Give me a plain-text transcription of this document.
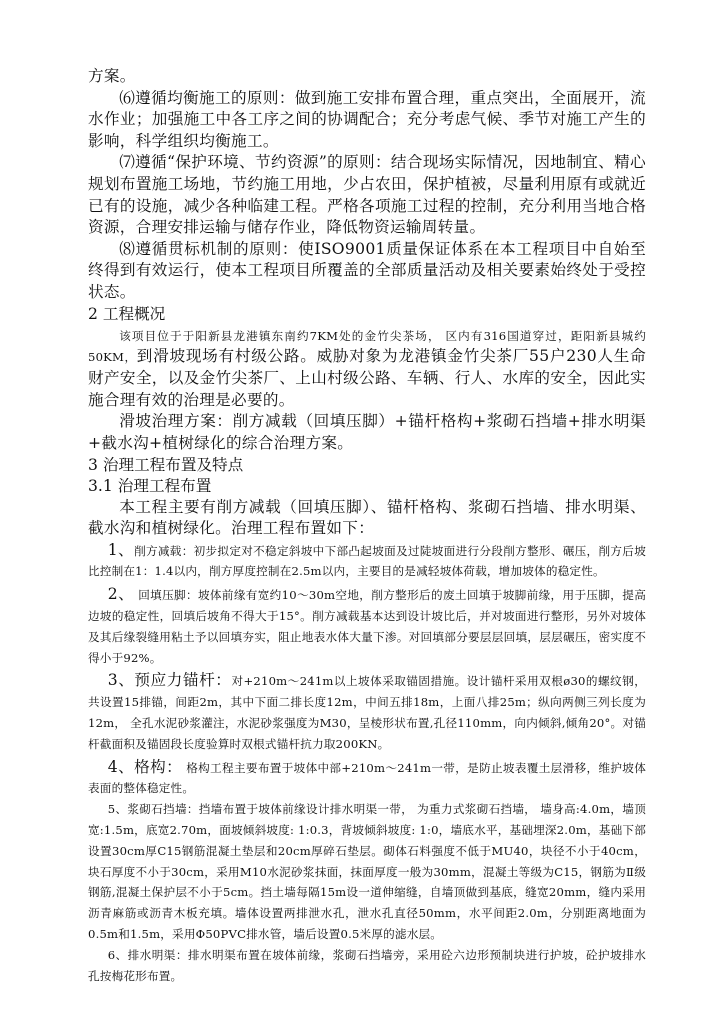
方案。

⑹遵循均衡施工的原则：做到施工安排布置合理，重点突出，全面展开，流水作业；加强施工中各工序之间的协调配合；充分考虑气候、季节对施工产生的影响，科学组织均衡施工。

⑺遵循“保护环境、节约资源”的原则：结合现场实际情况，因地制宜、精心规划布置施工场地，节约施工用地，少占农田，保护植被，尽量利用原有或就近已有的设施，减少各种临建工程。严格各项施工过程的控制，充分利用当地合格资源，合理安排运输与储存作业，降低物资运输周转量。

⑻遵循贯标机制的原则：使ISO9001质量保证体系在本工程项目中自始至终得到有效运行，使本工程项目所覆盖的全部质量活动及相关要素始终处于受控状态。

2 工程概况

该项目位于于阳新县龙港镇东南约7KM处的金竹尖茶场， 区内有316国道穿过，距阳新县城约50KM，到滑坡现场有村级公路。威胁对象为龙港镇金竹尖茶厂55户230人生命财产安全，以及金竹尖茶厂、上山村级公路、车辆、行人、水库的安全，因此实施合理有效的治理是必要的。

滑坡治理方案：削方减载（回填压脚）+锚杆格构+浆砌石挡墙+排水明渠+截水沟+植树绿化的综合治理方案。

3 治理工程布置及特点

3.1 治理工程布置

本工程主要有削方减载（回填压脚）、锚杆格构、浆砌石挡墙、排水明渠、截水沟和植树绿化。治理工程布置如下：

1、削方减载：初步拟定对不稳定斜坡中下部凸起坡面及过陡坡面进行分段削方整形、碾压，削方后坡比控制在1：1.4以内，削方厚度控制在2.5m以内，主要目的是减轻坡体荷载，增加坡体的稳定性。

2、 回填压脚：坡体前缘有宽约10～30m空地，削方整形后的废土回填于坡脚前缘，用于压脚，提高边坡的稳定性，回填后坡角不得大于15°。削方减载基本达到设计坡比后，并对坡面进行整形，另外对坡体及其后缘裂缝用粘土予以回填夯实，阻止地表水体大量下渗。对回填部分要层层回填，层层碾压，密实度不得小于92%。

3、预应力锚杆：对+210m～241m以上坡体采取锚固措施。设计锚杆采用双根ø30的螺纹钢，共设置15排锚，间距2m，其中下面二排长度12m，中间五排18m，上面八排25m；纵向两侧三列长度为12m， 全孔水泥砂浆灌注，水泥砂浆强度为M30，呈棱形状布置,孔径110mm，向内倾斜,倾角20°。对锚杆截面积及锚固段长度验算时双根式锚杆抗力取200KN。

4、格构： 格构工程主要布置于坡体中部+210m～241m一带，是防止坡表覆土层滑移，维护坡体表面的整体稳定性。

5、浆砌石挡墙：挡墙布置于坡体前缘设计排水明渠一带， 为重力式浆砌石挡墙， 墙身高:4.0m，墙顶宽:1.5m，底宽2.70m，面坡倾斜坡度: 1:0.3，背坡倾斜坡度: 1:0，墙底水平，基础埋深2.0m，基础下部设置30cm厚C15钢筋混凝土垫层和20cm厚碎石垫层。砌体石料强度不低于MU40，块径不小于40cm，块石厚度不小于30cm，采用M10水泥砂浆抹面，抹面厚度一般为30mm，混凝土等级为C15，钢筋为Ⅱ级钢筋,混凝土保护层不小于5cm。挡土墙每隔15m设一道伸缩缝，自墙顶做到基底，缝宽20mm，缝内采用沥青麻筋或沥青木板充填。墙体设置两排泄水孔，泄水孔直径50mm，水平间距2.0m，分别距离地面为0.5m和1.5m，采用Φ50PVC排水管，墙后设置0.5米厚的滤水层。

6、排水明渠：排水明渠布置在坡体前缘，浆砌石挡墙旁，采用砼六边形预制块进行护坡，砼护坡排水孔按梅花形布置。
